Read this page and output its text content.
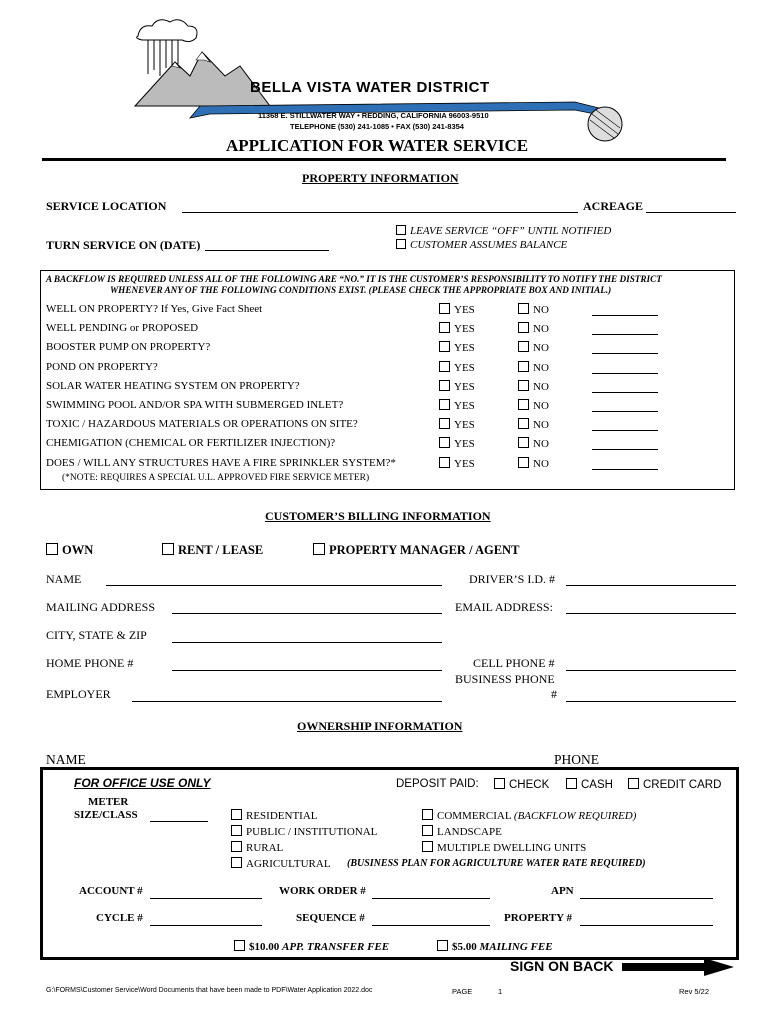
BELLA VISTA WATER DISTRICT
11368 E. STILLWATER WAY • REDDING, CALIFORNIA 96003-9510
TELEPHONE (530) 241-1085 • FAX (530) 241-8354
APPLICATION FOR WATER SERVICE
PROPERTY INFORMATION
SERVICE LOCATION	ACREAGE
LEAVE SERVICE “OFF” UNTIL NOTIFIED
CUSTOMER ASSUMES BALANCE
TURN SERVICE ON (DATE)
A BACKFLOW IS REQUIRED UNLESS ALL OF THE FOLLOWING ARE “NO.” IT IS THE CUSTOMER’S RESPONSIBILITY TO NOTIFY THE DISTRICT
WHENEVER ANY OF THE FOLLOWING CONDITIONS EXIST. (PLEASE CHECK THE APPROPRIATE BOX AND INITIAL.)
WELL ON PROPERTY? If Yes, Give Fact Sheet	YES	NO
WELL PENDING or PROPOSED	YES	NO
BOOSTER PUMP ON PROPERTY?	YES	NO
POND ON PROPERTY?	YES	NO
SOLAR WATER HEATING SYSTEM ON PROPERTY?	YES	NO
SWIMMING POOL AND/OR SPA WITH SUBMERGED INLET?	YES	NO
TOXIC / HAZARDOUS MATERIALS OR OPERATIONS ON SITE?	YES	NO
CHEMIGATION (CHEMICAL OR FERTILIZER INJECTION)?	YES	NO
DOES / WILL ANY STRUCTURES HAVE A FIRE SPRINKLER SYSTEM?*	YES	NO
(*NOTE: REQUIRES A SPECIAL U.L. APPROVED FIRE SERVICE METER)
CUSTOMER’S BILLING INFORMATION
OWN	RENT / LEASE	PROPERTY MANAGER / AGENT
NAME	DRIVER’S I.D. #
MAILING ADDRESS	EMAIL ADDRESS:
CITY, STATE & ZIP
HOME PHONE #	CELL PHONE #
BUSINESS PHONE
#
EMPLOYER
OWNERSHIP INFORMATION
NAME	PHONE
FOR OFFICE USE ONLY	DEPOSIT PAID:	CHECK	CASH	CREDIT CARD
METER
SIZE/CLASS	RESIDENTIAL
PUBLIC / INSTITUTIONAL
RURAL
AGRICULTURAL
COMMERCIAL (BACKFLOW REQUIRED)
LANDSCAPE
MULTIPLE DWELLING UNITS
(BUSINESS PLAN FOR AGRICULTURE WATER RATE REQUIRED)
ACCOUNT #	WORK ORDER #	APN
CYCLE #	SEQUENCE #	PROPERTY #
$10.00 APP. TRANSFER FEE	$5.00 MAILING FEE
SIGN ON BACK
G:\FORMS\Customer Service\Word Documents that have been made to PDF\Water Application 2022.doc	PAGE	1	Rev 5/22
